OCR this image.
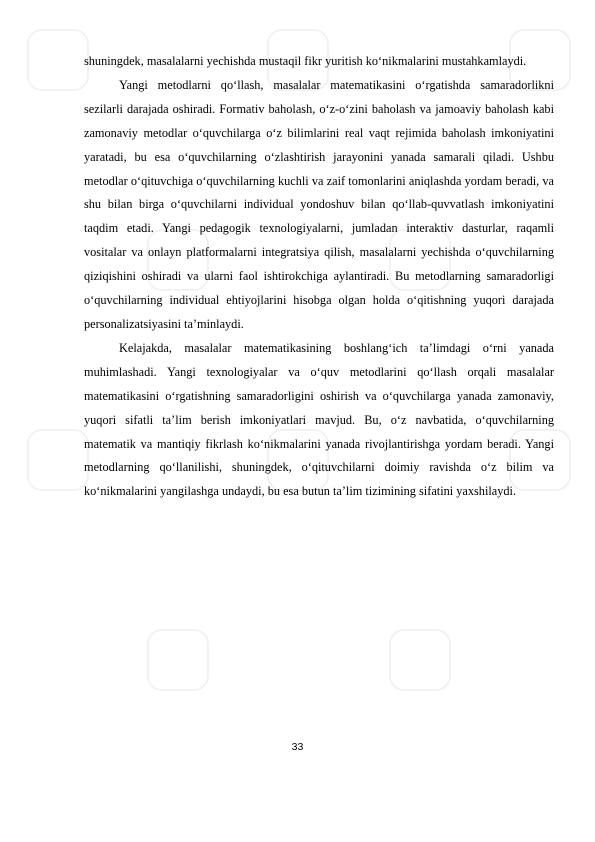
shuningdek, masalalarni yechishda mustaqil fikr yuritish ko‘nikmalarini mustahkamlaydi.

Yangi metodlarni qo‘llash, masalalar matematikasini o‘rgatishda samaradorlikni sezilarli darajada oshiradi. Formativ baholash, o‘z-o‘zini baholash va jamoaviy baholash kabi zamonaviy metodlar o‘quvchilarga o‘z bilimlarini real vaqt rejimida baholash imkoniyatini yaratadi, bu esa o‘quvchilarning o‘zlashtirish jarayonini yanada samarali qiladi. Ushbu metodlar o‘qituvchiga o‘quvchilarning kuchli va zaif tomonlarini aniqlashda yordam beradi, va shu bilan birga o‘quvchilarni individual yondoshuv bilan qo‘llab-quvvatlash imkoniyatini taqdim etadi. Yangi pedagogik texnologiyalarni, jumladan interaktiv dasturlar, raqamli vositalar va onlayn platformalarni integratsiya qilish, masalalarni yechishda o‘quvchilarning qiziqishini oshiradi va ularni faol ishtirokchiga aylantiradi. Bu metodlarning samaradorligi o‘quvchilarning individual ehtiyojlarini hisobga olgan holda o‘qitishning yuqori darajada personalizatsiyasini ta’minlaydi.

Kelajakda, masalalar matematikasining boshlang‘ich ta’limdagi o‘rni yanada muhimlashadi. Yangi texnologiyalar va o‘quv metodlarini qo‘llash orqali masalalar matematikasini o‘rgatishning samaradorligini oshirish va o‘quvchilarga yanada zamonaviy, yuqori sifatli ta’lim berish imkoniyatlari mavjud. Bu, o‘z navbatida, o‘quvchilarning matematik va mantiqiy fikrlash ko‘nikmalarini yanada rivojlantirishga yordam beradi. Yangi metodlarning qo‘llanilishi, shuningdek, o‘qituvchilarni doimiy ravishda o‘z bilim va ko‘nikmalarini yangilashga undaydi, bu esa butun ta’lim tizimining sifatini yaxshilaydi.

33
